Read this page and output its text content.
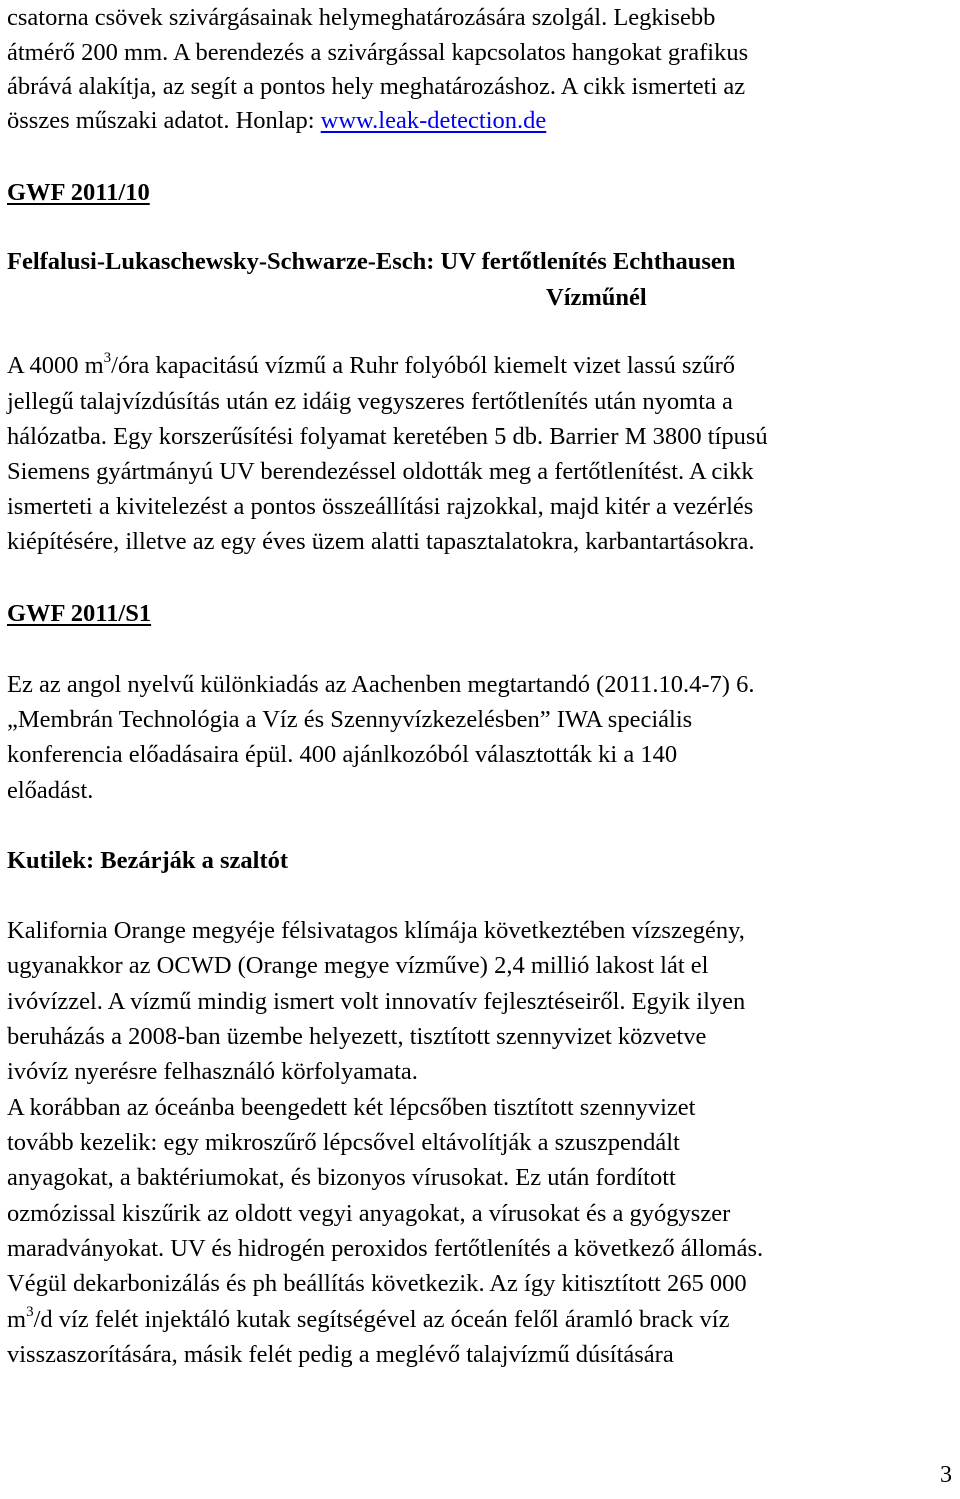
csatorna csövek szivárgásainak helymeghatározására szolgál. Legkisebb
átmérő 200 mm. A berendezés a szivárgással kapcsolatos hangokat grafikus
ábrává alakítja, az segít a pontos hely meghatározáshoz. A cikk ismerteti az
összes műszaki adatot. Honlap: www.leak-detection.de
GWF 2011/10
Felfalusi-Lukaschewsky-Schwarze-Esch: UV fertőtlenítés Echthausen
Vízműnél
A 4000 $m^3$/óra kapacitású vízmű a Ruhr folyóból kiemelt vizet lassú szűrő
jellegű talajvízdúsítás után ez idáig vegyszeres fertőtlenítés után nyomta a
hálózatba. Egy korszerűsítési folyamat keretében 5 db. Barrier M 3800 típusú
Siemens gyártmányú UV berendezéssel oldották meg a fertőtlenítést. A cikk
ismerteti a kivitelezést a pontos összeállítási rajzokkal, majd kitér a vezérlés
kiépítésére, illetve az egy éves üzem alatti tapasztalatokra, karbantartásokra.
GWF 2011/S1
Ez az angol nyelvű különkiadás az Aachenben megtartandó (2011.10.4-7) 6.
„Membrán Technológia a Víz és Szennyvízkezelésben” IWA speciális
konferencia előadásaira épül. 400 ajánlkozóból választották ki a 140
előadást.
Kutilek: Bezárják a szaltót
Kalifornia Orange megyéje félsivatagos klímája következtében vízszegény,
ugyanakkor az OCWD (Orange megye vízműve) 2,4 millió lakost lát el
ivóvízzel. A vízmű mindig ismert volt innovatív fejlesztéseiről. Egyik ilyen
beruházás a 2008-ban üzembe helyezett, tisztított szennyvizet közvetve
ivóvíz nyerésre felhasználó körfolyamata.
A korábban az óceánba beengedett két lépcsőben tisztított szennyvizet
tovább kezelik: egy mikroszűrő lépcsővel eltávolítják a szuszpendált
anyagokat, a baktériumokat, és bizonyos vírusokat. Ez után fordított
ozmózissal kiszűrik az oldott vegyi anyagokat, a vírusokat és a gyógyszer
maradványokat. UV és hidrogén peroxidos fertőtlenítés a következő állomás.
Végül dekarbonizálás és ph beállítás következik. Az így kitisztított 265 000
$m^3/d$ víz felét injektáló kutak segítségével az óceán felől áramló brack víz
visszaszorítására, másik felét pedig a meglévő talajvízmű dúsítására
3
